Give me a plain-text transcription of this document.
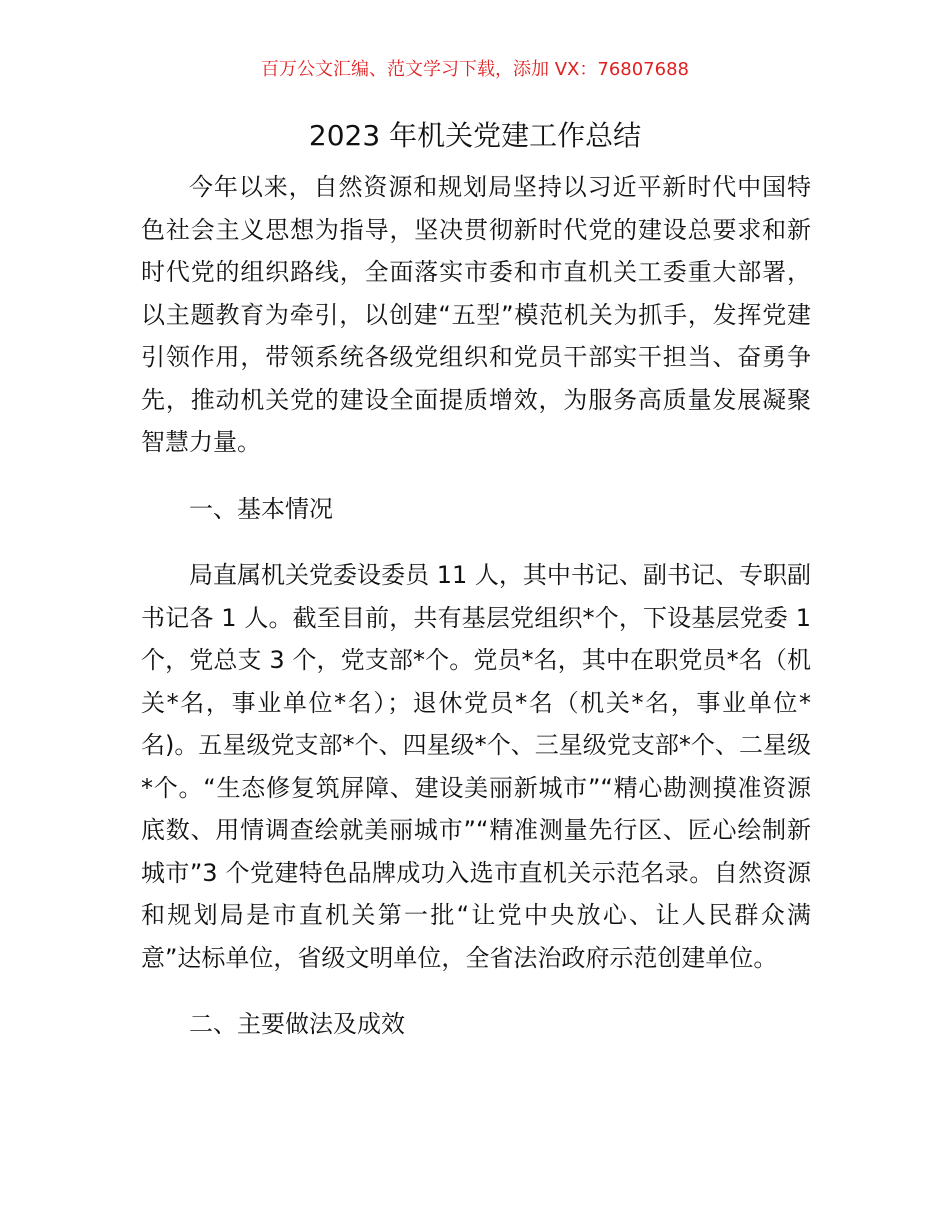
百万公文汇编、范文学习下载，添加 VX：76807688
2023 年机关党建工作总结

今年以来，自然资源和规划局坚持以习近平新时代中国特色社会主义思想为指导，坚决贯彻新时代党的建设总要求和新时代党的组织路线，全面落实市委和市直机关工委重大部署，以主题教育为牵引，以创建“五型”模范机关为抓手，发挥党建引领作用，带领系统各级党组织和党员干部实干担当、奋勇争先，推动机关党的建设全面提质增效，为服务高质量发展凝聚智慧力量。

一、基本情况

局直属机关党委设委员 11 人，其中书记、副书记、专职副书记各 1 人。截至目前，共有基层党组织*个，下设基层党委 1 个，党总支 3 个，党支部*个。党员*名，其中在职党员*名（机关*名，事业单位*名）；退休党员*名（机关*名，事业单位*名)。五星级党支部*个、四星级*个、三星级党支部*个、二星级*个。“生态修复筑屏障、建设美丽新城市”“精心勘测摸准资源底数、用情调查绘就美丽城市”“精准测量先行区、匠心绘制新城市”3 个党建特色品牌成功入选市直机关示范名录。自然资源和规划局是市直机关第一批“让党中央放心、让人民群众满意”达标单位，省级文明单位，全省法治政府示范创建单位。

二、主要做法及成效
